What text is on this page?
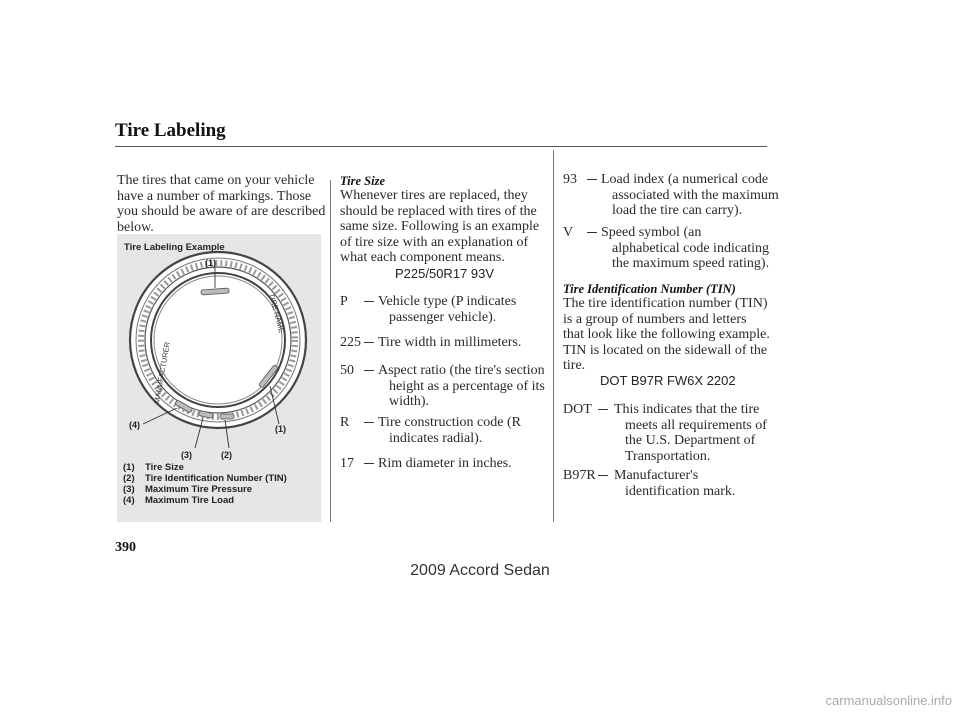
Tire Labeling
The tires that came on your vehicle
have a number of markings. Those
you should be aware of are described
below.
Tire Labeling Example
MANUFACTURER
TIRE NAME
(1)
(4)	(1)
(3)	(2)
(1) Tire Size
(2) Tire Identification Number (TIN)
(3) Maximum Tire Pressure
(4) Maximum Tire Load
Tire Size
Whenever tires are replaced, they
should be replaced with tires of the
same size. Following is an example
of tire size with an explanation of
what each component means.
P225/50R17 93V
P	Vehicle type (P indicates
passenger vehicle).
225	Tire width in millimeters.
50	Aspect ratio (the tire's section
height as a percentage of its
width).
R	Tire construction code (R
indicates radial).
17	Rim diameter in inches.
93	Load index (a numerical code
associated with the maximum
load the tire can carry).
V	Speed symbol (an
alphabetical code indicating
the maximum speed rating).
Tire Identification Number (TIN)
The tire identification number (TIN)
is a group of numbers and letters
that look like the following example.
TIN is located on the sidewall of the
tire.
DOT B97R FW6X 2202
DOT	This indicates that the tire
meets all requirements of
the U.S. Department of
Transportation.
B97R	Manufacturer's
identification mark.
390
2009 Accord Sedan
carmanualsonline.info
